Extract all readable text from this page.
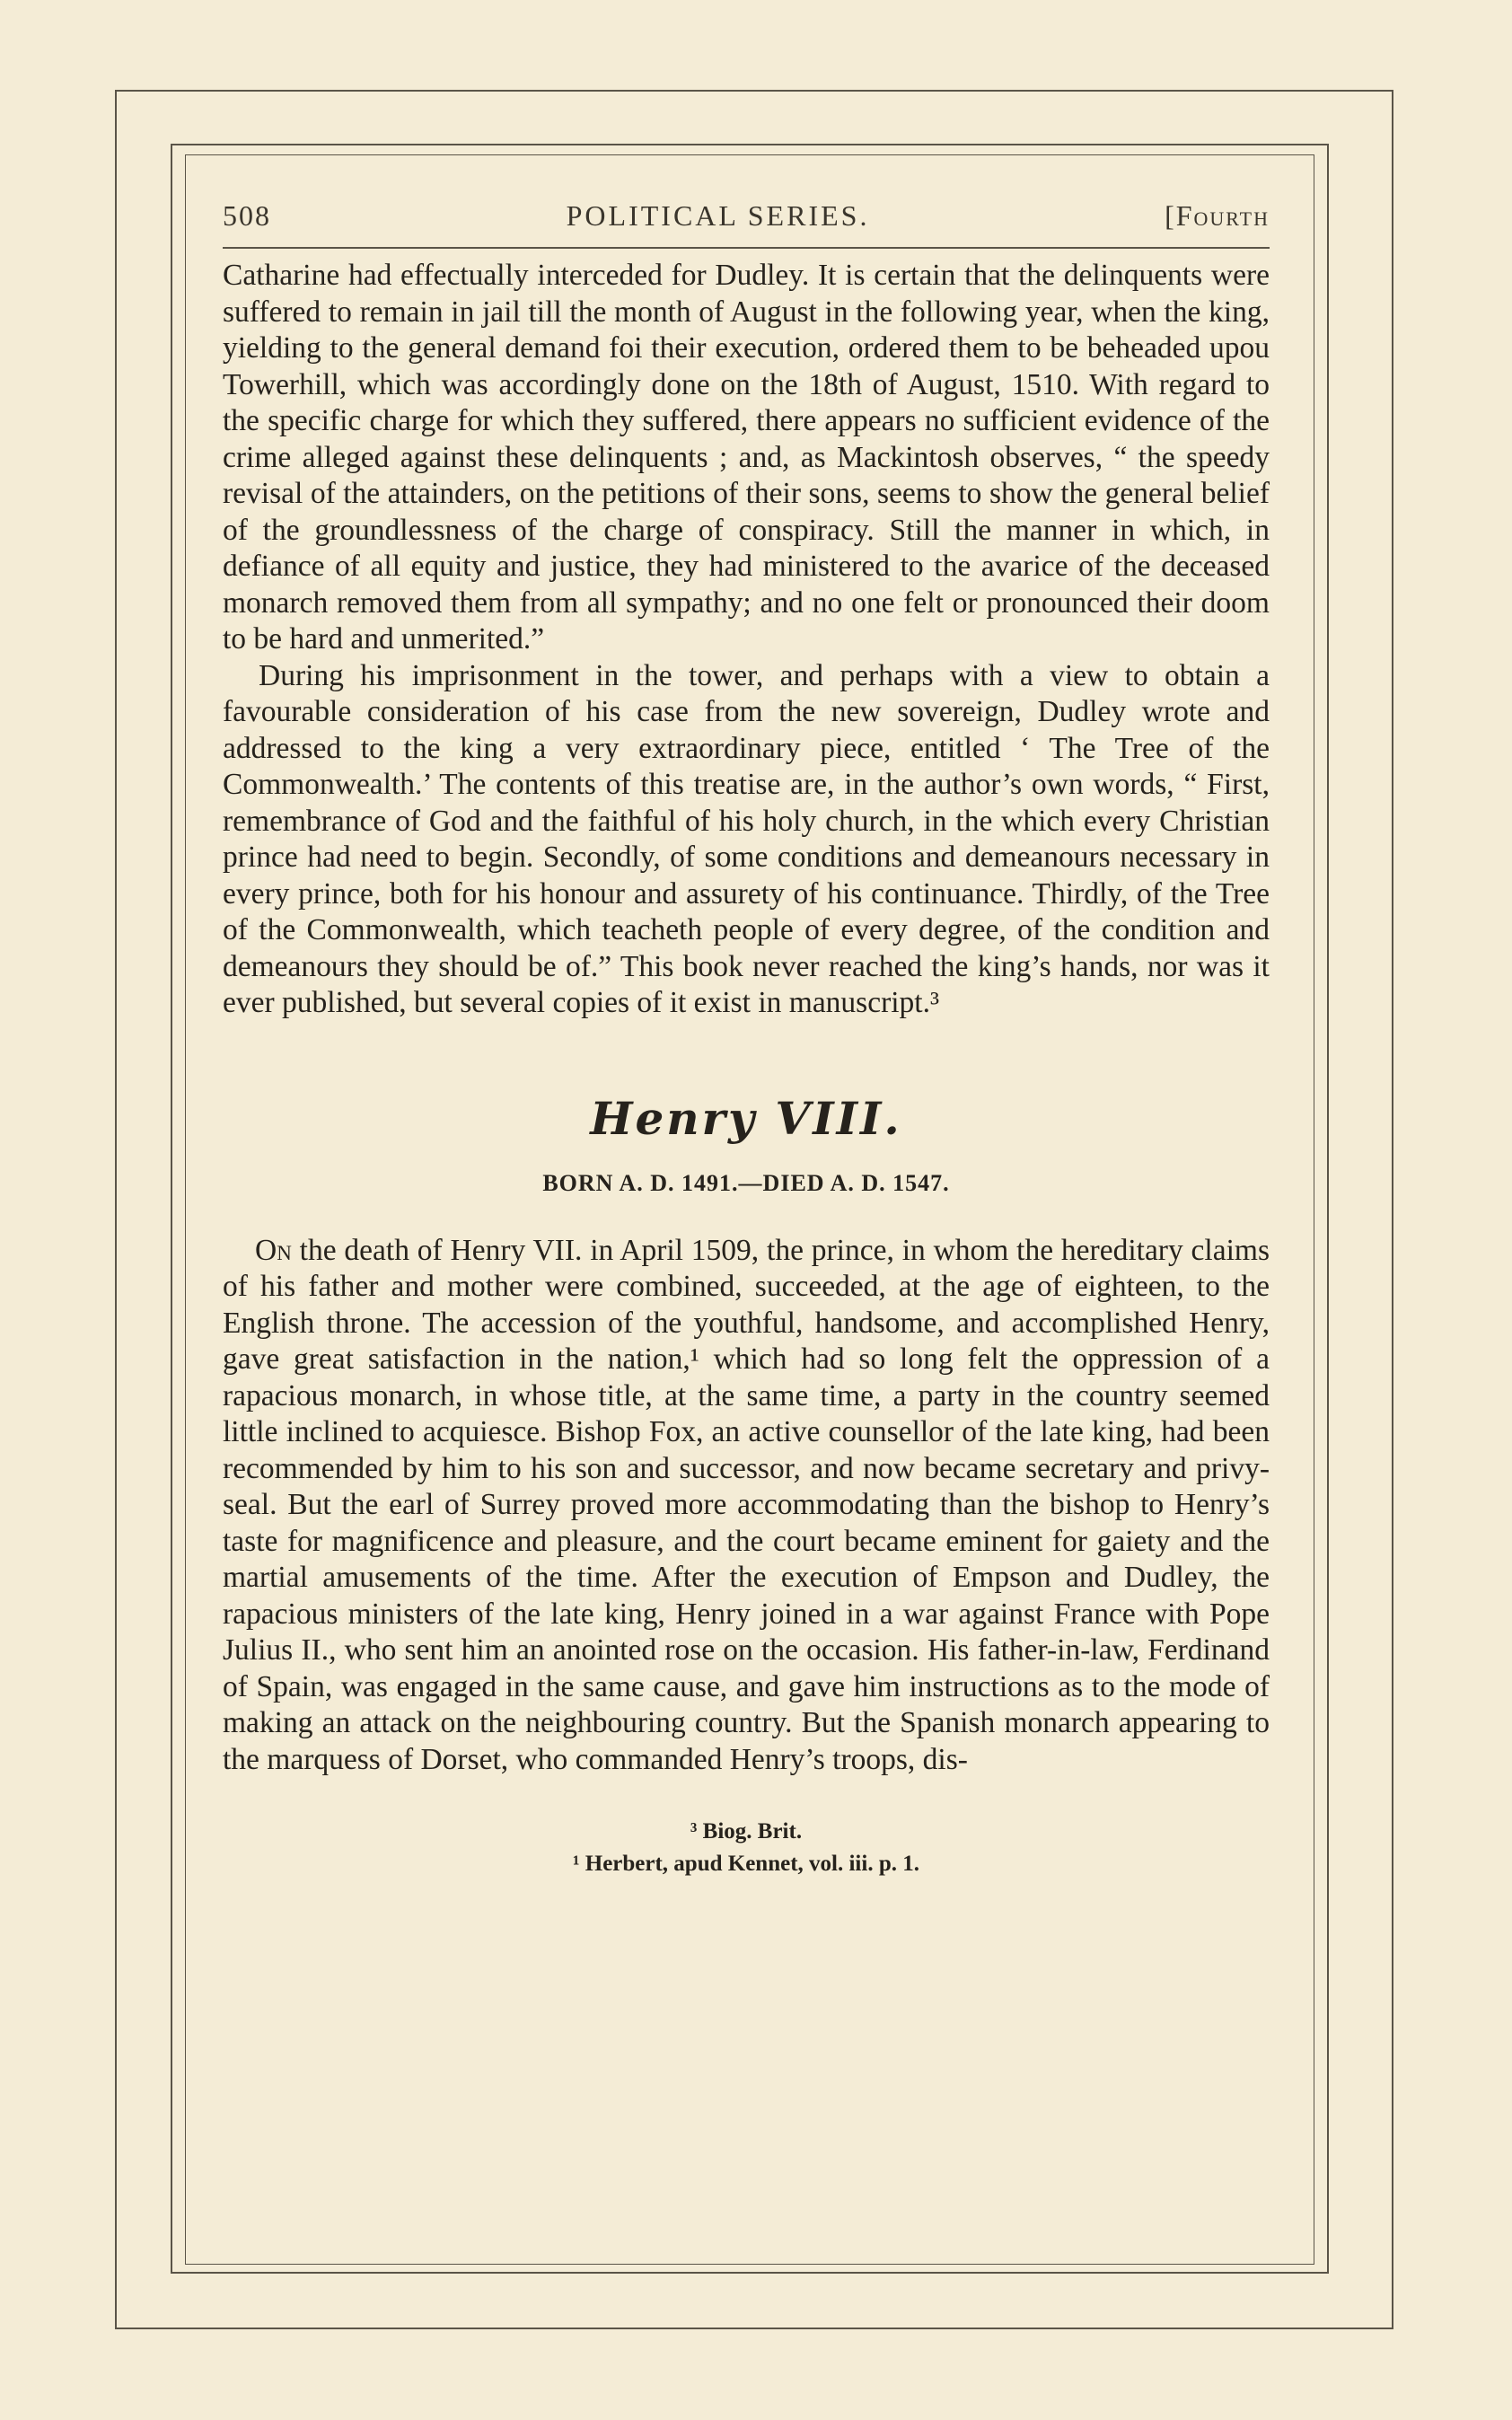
508	POLITICAL SERIES.	[Fourth

Catharine had effectually interceded for Dudley. It is certain that the delinquents were suffered to remain in jail till the month of August in the following year, when the king, yielding to the general demand foi their execution, ordered them to be beheaded upou Towerhill, which was accordingly done on the 18th of August, 1510. With regard to the specific charge for which they suffered, there appears no sufficient evidence of the crime alleged against these delinquents ; and, as Mackintosh observes, “ the speedy revisal of the attainders, on the petitions of their sons, seems to show the general belief of the groundlessness of the charge of conspiracy. Still the manner in which, in defiance of all equity and justice, they had ministered to the avarice of the deceased monarch removed them from all sympathy; and no one felt or pronounced their doom to be hard and unmerited.”

During his imprisonment in the tower, and perhaps with a view to obtain a favourable consideration of his case from the new sovereign, Dudley wrote and addressed to the king a very extraordinary piece, entitled ‘ The Tree of the Commonwealth.’ The contents of this treatise are, in the author’s own words, “ First, remembrance of God and the faithful of his holy church, in the which every Christian prince had need to begin. Secondly, of some conditions and demeanours necessary in every prince, both for his honour and assurety of his continuance. Thirdly, of the Tree of the Commonwealth, which teacheth people of every degree, of the condition and demeanours they should be of.” This book never reached the king’s hands, nor was it ever published, but several copies of it exist in manuscript.³

Henry VIII.
BORN A. D. 1491.—DIED A. D. 1547.

On the death of Henry VII. in April 1509, the prince, in whom the hereditary claims of his father and mother were combined, succeeded, at the age of eighteen, to the English throne. The accession of the youthful, handsome, and accomplished Henry, gave great satisfaction in the nation,¹ which had so long felt the oppression of a rapacious monarch, in whose title, at the same time, a party in the country seemed little inclined to acquiesce. Bishop Fox, an active counsellor of the late king, had been recommended by him to his son and successor, and now became secretary and privy-seal. But the earl of Surrey proved more accommodating than the bishop to Henry’s taste for magnificence and pleasure, and the court became eminent for gaiety and the martial amusements of the time. After the execution of Empson and Dudley, the rapacious ministers of the late king, Henry joined in a war against France with Pope Julius II., who sent him an anointed rose on the occasion. His father-in-law, Ferdinand of Spain, was engaged in the same cause, and gave him instructions as to the mode of making an attack on the neighbouring country. But the Spanish monarch appearing to the marquess of Dorset, who commanded Henry’s troops, dis-

³ Biog. Brit.
¹ Herbert, apud Kennet, vol. iii. p. 1.
